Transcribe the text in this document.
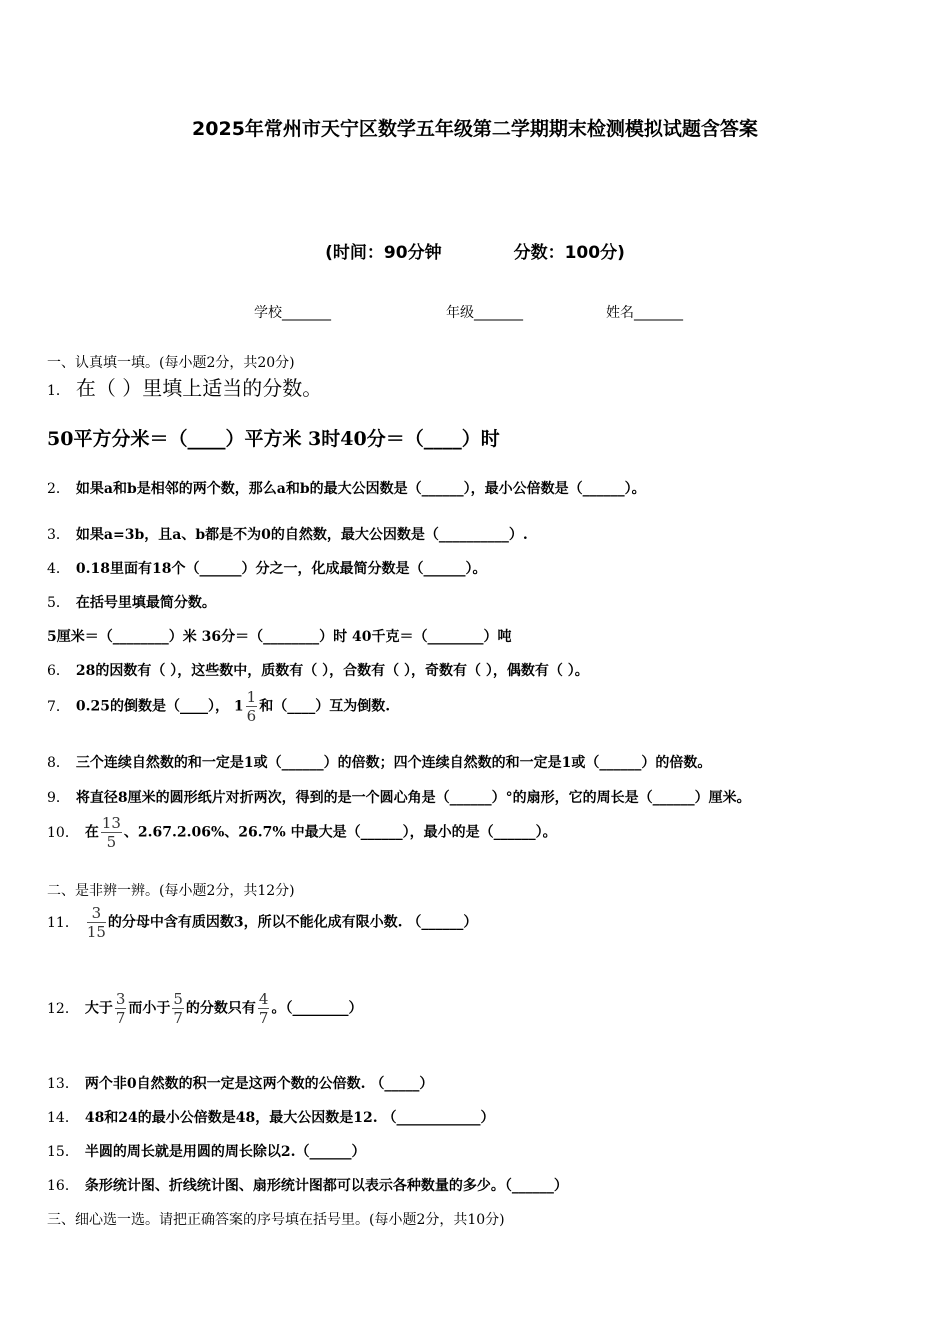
2025年常州市天宁区数学五年级第二学期期末检测模拟试题含答案
(时间：90分钟	分数：100分)
学校_______	年级_______	姓名_______
一、认真填一填。(每小题2分，共20分)
1． 在（ ）里填上适当的分数。
50平方分米＝（____）平方米 3时40分＝（____）时
2． 如果a和b是相邻的两个数，那么a和b的最大公因数是（______），最小公倍数是（______）。
3． 如果a=3b，且a、b都是不为0的自然数，最大公因数是（__________）.
4． 0.18里面有18个（______）分之一，化成最简分数是（______）。
5． 在括号里填最简分数。
5厘米＝（________）米 36分＝（________）时 40千克＝（________）吨
6． 28的因数有（ ），这些数中，质数有（ ），合数有（ ），奇数有（ ），偶数有（ ）。
7． 0.25的倒数是（____）， $1 \frac{1}{6}$ 和（____）互为倒数.
8． 三个连续自然数的和一定是1或（______）的倍数；四个连续自然数的和一定是1或（______）的倍数。
9． 将直径8厘米的圆形纸片对折两次，得到的是一个圆心角是（______）°的扇形，它的周长是（______）厘米。
10． 在 $\frac{13}{5}$ 、2.67.2.06%、26.7% 中最大是（______），最小的是（______）。
二、是非辨一辨。(每小题2分，共12分)
11． $\frac{3}{15}$ 的分母中含有质因数3，所以不能化成有限小数. （______）
12． 大于 $\frac{3}{7}$ 而小于 $\frac{5}{7}$ 的分数只有 $\frac{4}{7}$ 。（________）
13． 两个非0自然数的积一定是这两个数的公倍数. （_____）
14． 48和24的最小公倍数是48，最大公因数是12. （____________）
15． 半圆的周长就是用圆的周长除以2.（______）
16． 条形统计图、折线统计图、扇形统计图都可以表示各种数量的多少。（______）
三、细心选一选。请把正确答案的序号填在括号里。(每小题2分，共10分)
